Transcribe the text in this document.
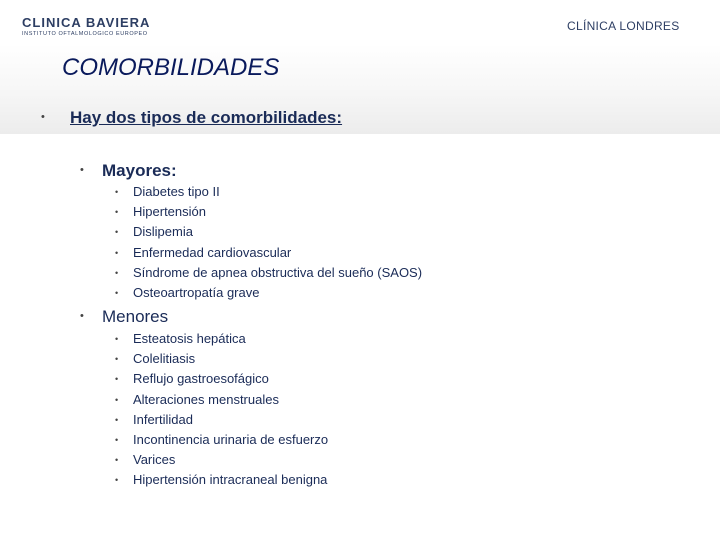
CLINICA BAVIERA
INSTITUTO OFTALMOLOGICO EUROPEO
CLÍNICA LONDRES
COMORBILIDADES
• Hay dos tipos de comorbilidades:
• Mayores:
• Diabetes tipo II
• Hipertensión
• Dislipemia
• Enfermedad cardiovascular
• Síndrome de apnea obstructiva del sueño (SAOS)
• Osteoartropatía grave
• Menores
• Esteatosis hepática
• Colelitiasis
• Reflujo gastroesofágico
• Alteraciones menstruales
• Infertilidad
• Incontinencia urinaria de esfuerzo
• Varices
• Hipertensión intracraneal benigna
